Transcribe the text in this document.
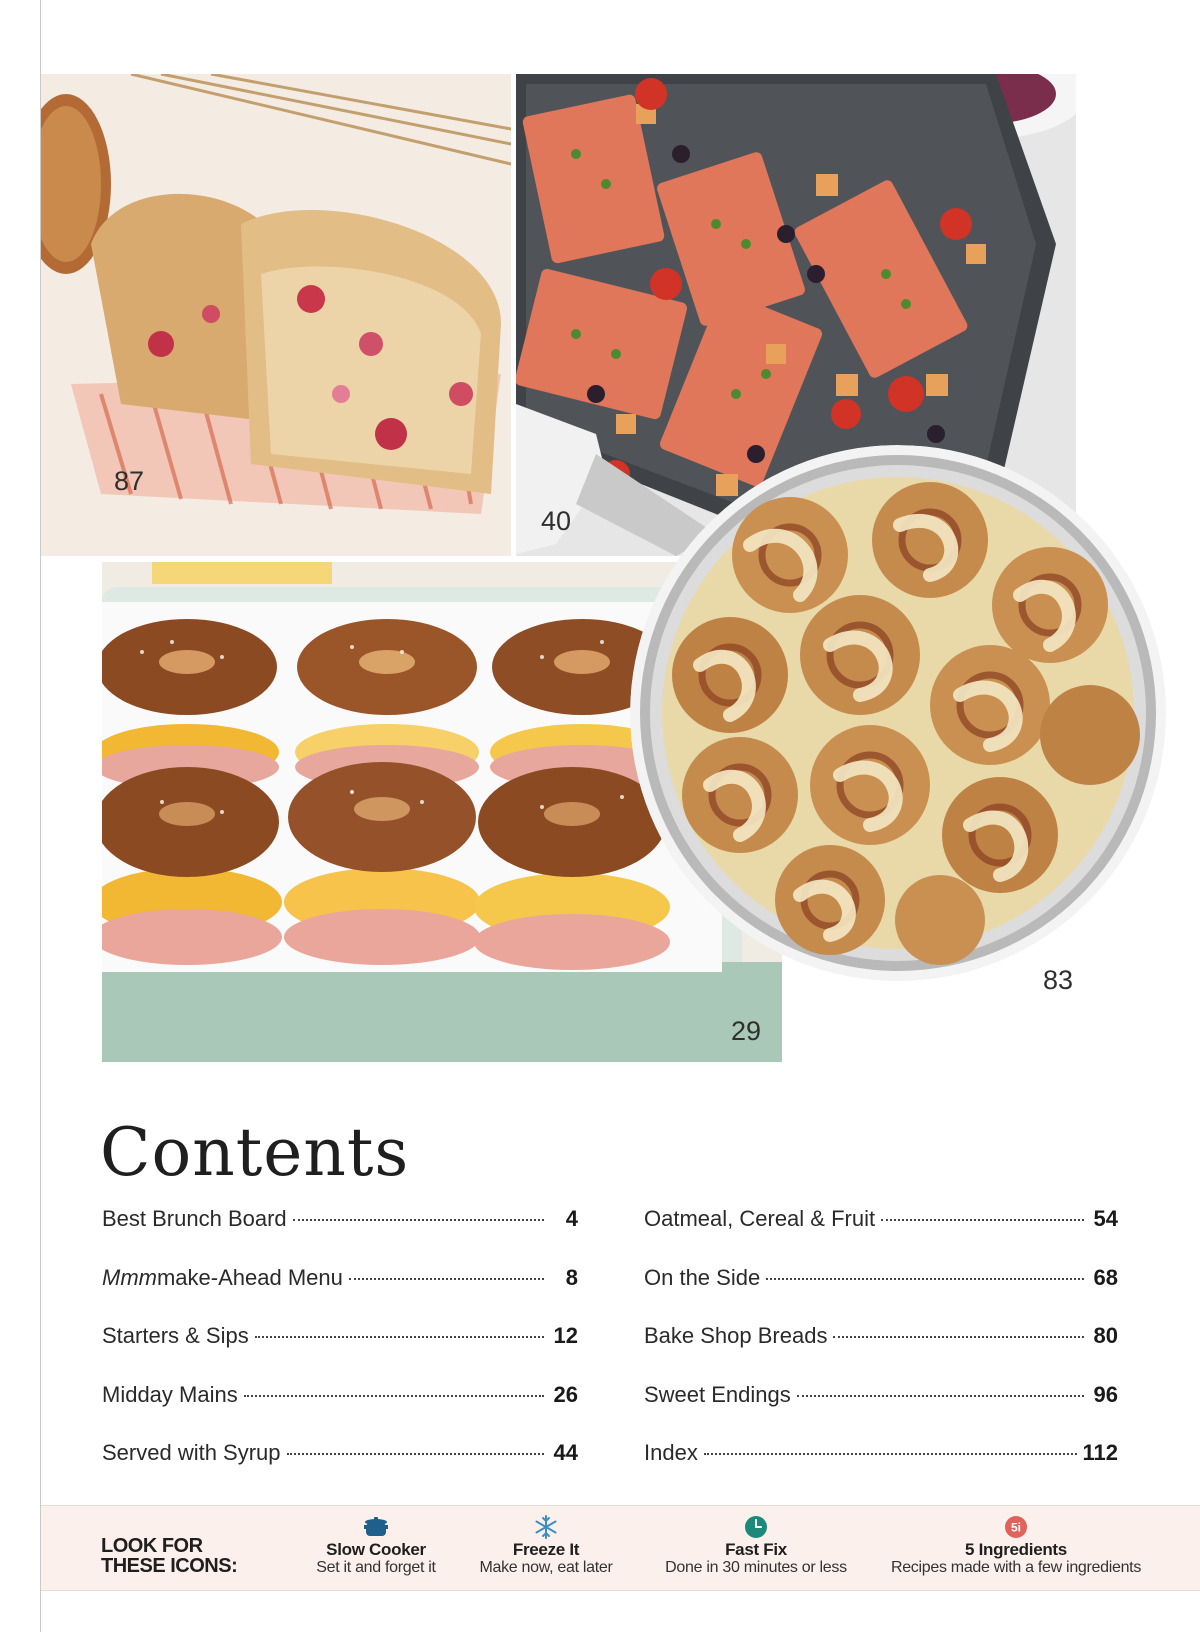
87
40
29
83
Contents
Best Brunch Board	4
Mmmmake-Ahead Menu	8
Starters & Sips	12
Midday Mains	26
Served with Syrup	44
Oatmeal, Cereal & Fruit	54
On the Side	68
Bake Shop Breads	80
Sweet Endings	96
Index	112
LOOK FOR
THESE ICONS:
Slow Cooker
Set it and forget it
Freeze It
Make now, eat later
Fast Fix
Done in 30 minutes or less
5i
5 Ingredients
Recipes made with a few ingredients
